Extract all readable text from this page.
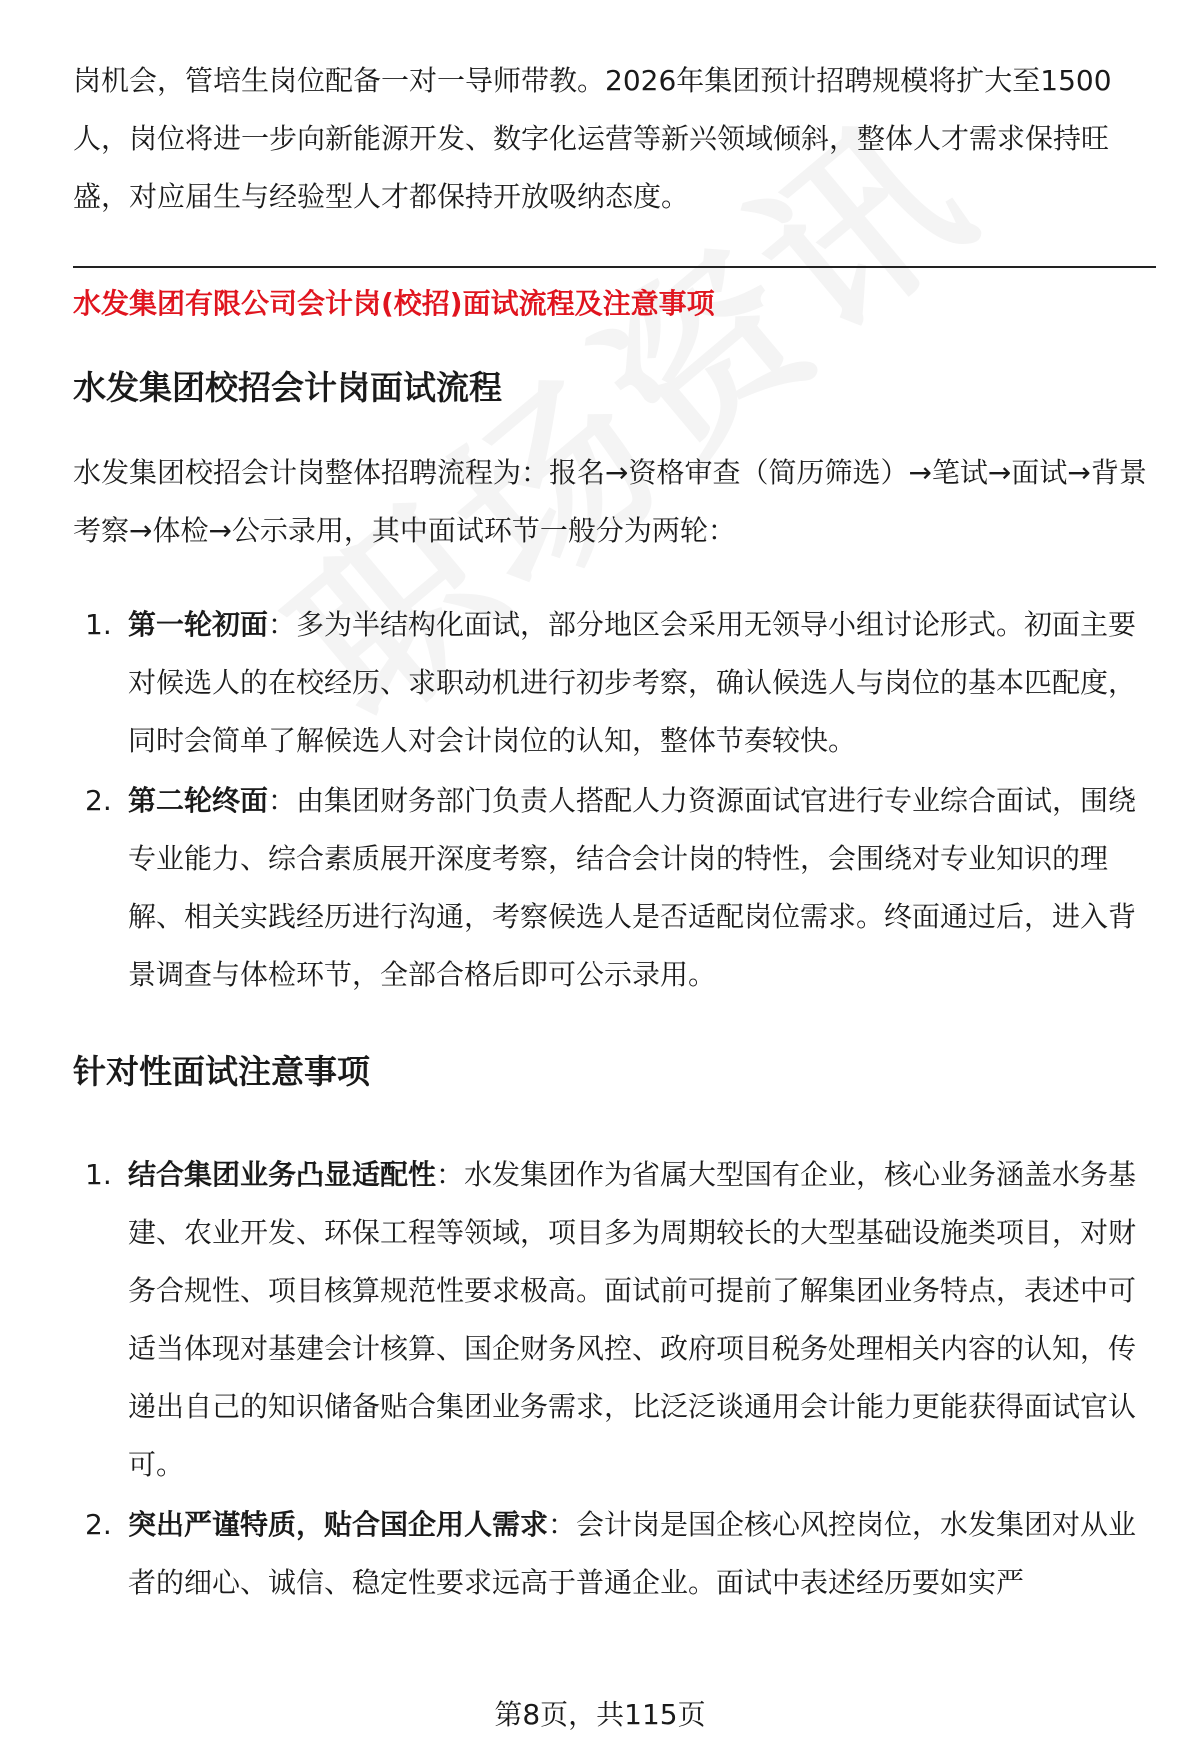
岗机会，管培生岗位配备一对一导师带教。2026年集团预计招聘规模将扩大至1500人，岗位将进一步向新能源开发、数字化运营等新兴领域倾斜，整体人才需求保持旺盛，对应届生与经验型人才都保持开放吸纳态度。

水发集团有限公司会计岗(校招)面试流程及注意事项
水发集团校招会计岗面试流程

水发集团校招会计岗整体招聘流程为：报名→资格审查（简历筛选）→笔试→面试→背景考察→体检→公示录用，其中面试环节一般分为两轮：

1. 第一轮初面：多为半结构化面试，部分地区会采用无领导小组讨论形式。初面主要对候选人的在校经历、求职动机进行初步考察，确认候选人与岗位的基本匹配度，同时会简单了解候选人对会计岗位的认知，整体节奏较快。
2. 第二轮终面：由集团财务部门负责人搭配人力资源面试官进行专业综合面试，围绕专业能力、综合素质展开深度考察，结合会计岗的特性，会围绕对专业知识的理解、相关实践经历进行沟通，考察候选人是否适配岗位需求。终面通过后，进入背景调查与体检环节，全部合格后即可公示录用。
针对性面试注意事项
1. 结合集团业务凸显适配性：水发集团作为省属大型国有企业，核心业务涵盖水务基建、农业开发、环保工程等领域，项目多为周期较长的大型基础设施类项目，对财务合规性、项目核算规范性要求极高。面试前可提前了解集团业务特点，表述中可适当体现对基建会计核算、国企财务风控、政府项目税务处理相关内容的认知，传递出自己的知识储备贴合集团业务需求，比泛泛谈通用会计能力更能获得面试官认可。
2. 突出严谨特质，贴合国企用人需求：会计岗是国企核心风控岗位，水发集团对从业者的细心、诚信、稳定性要求远高于普通企业。面试中表述经历要如实严
第8页，共115页
